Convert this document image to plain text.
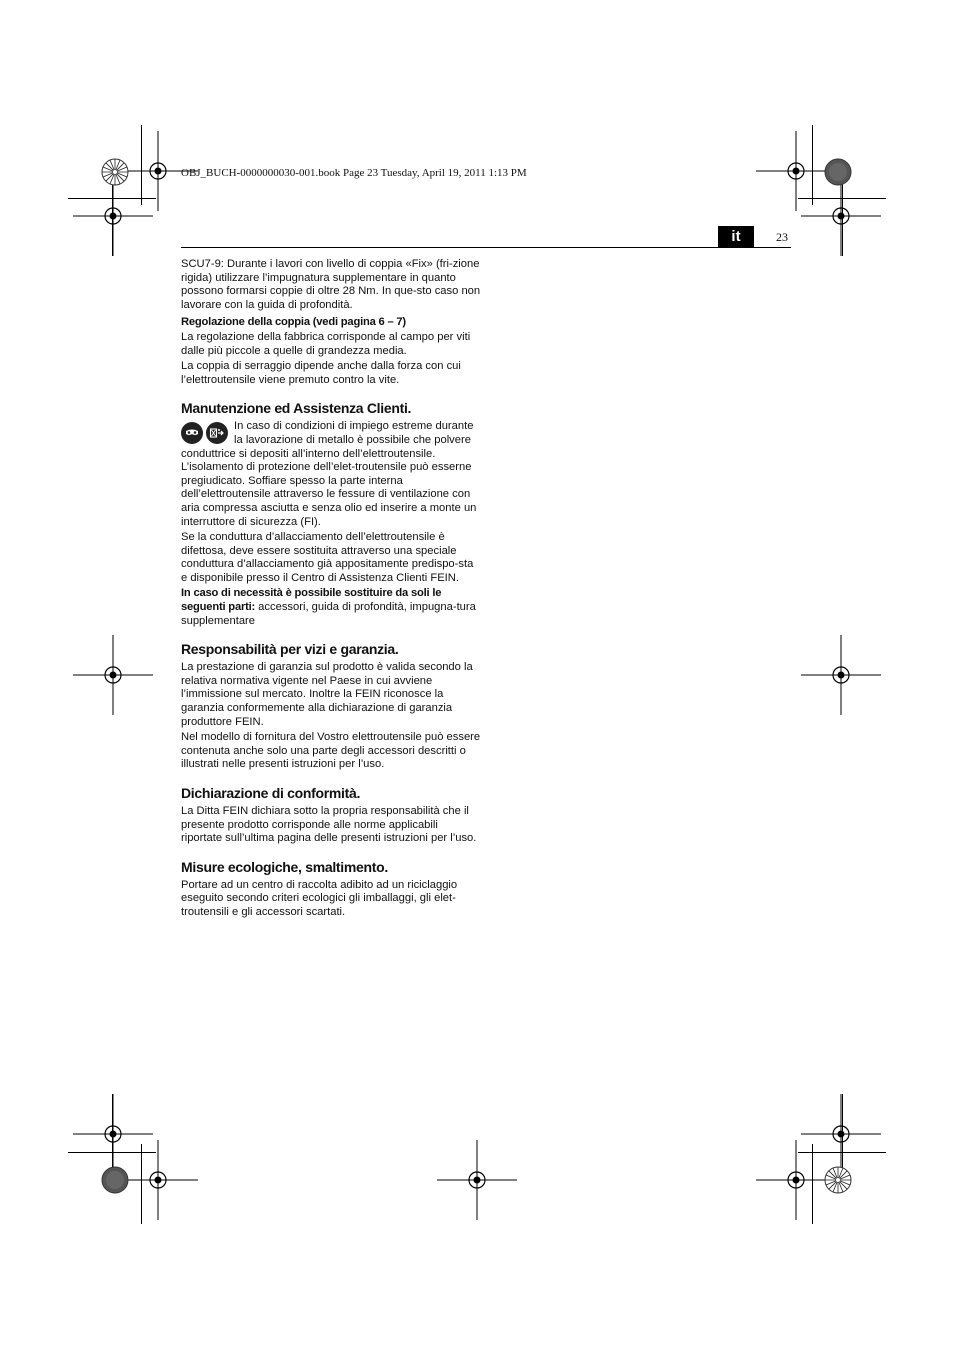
OBJ_BUCH-0000000030-001.book Page 23 Tuesday, April 19, 2011 1:13 PM
it	23

SCU7-9: Durante i lavori con livello di coppia «Fix» (fri-zione rigida) utilizzare l’impugnatura supplementare in quanto possono formarsi coppie di oltre 28 Nm. In que-sto caso non lavorare con la guida di profondità.

Regolazione della coppia (vedi pagina 6 – 7)

La regolazione della fabbrica corrisponde al campo per viti dalle più piccole a quelle di grandezza media.

La coppia di serraggio dipende anche dalla forza con cui l’elettroutensile viene premuto contro la vite.

Manutenzione ed Assistenza Clienti.

In caso di condizioni di impiego estreme durante la lavorazione di metallo è possibile che polvere conduttrice si depositi all’interno dell’elettroutensile. L’isolamento di protezione dell’elet-troutensile può esserne pregiudicato. Soffiare spesso la parte interna dell’elettroutensile attraverso le fessure di ventilazione con aria compressa asciutta e senza olio ed inserire a monte un interruttore di sicurezza (FI).

Se la conduttura d’allacciamento dell’elettroutensile è difettosa, deve essere sostituita attraverso una speciale conduttura d’allacciamento già appositamente predispo-sta e disponibile presso il Centro di Assistenza Clienti FEIN.

In caso di necessità è possibile sostituire da soli le seguenti parti: accessori, guida di profondità, impugna-tura supplementare

Responsabilità per vizi e garanzia.

La prestazione di garanzia sul prodotto è valida secondo la relativa normativa vigente nel Paese in cui avviene l’immissione sul mercato. Inoltre la FEIN riconosce la garanzia conformemente alla dichiarazione di garanzia produttore FEIN.

Nel modello di fornitura del Vostro elettroutensile può essere contenuta anche solo una parte degli accessori descritti o illustrati nelle presenti istruzioni per l’uso.

Dichiarazione di conformità.

La Ditta FEIN dichiara sotto la propria responsabilità che il presente prodotto corrisponde alle norme applicabili riportate sull’ultima pagina delle presenti istruzioni per l’uso.

Misure ecologiche, smaltimento.

Portare ad un centro di raccolta adibito ad un riciclaggio eseguito secondo criteri ecologici gli imballaggi, gli elet-troutensili e gli accessori scartati.
